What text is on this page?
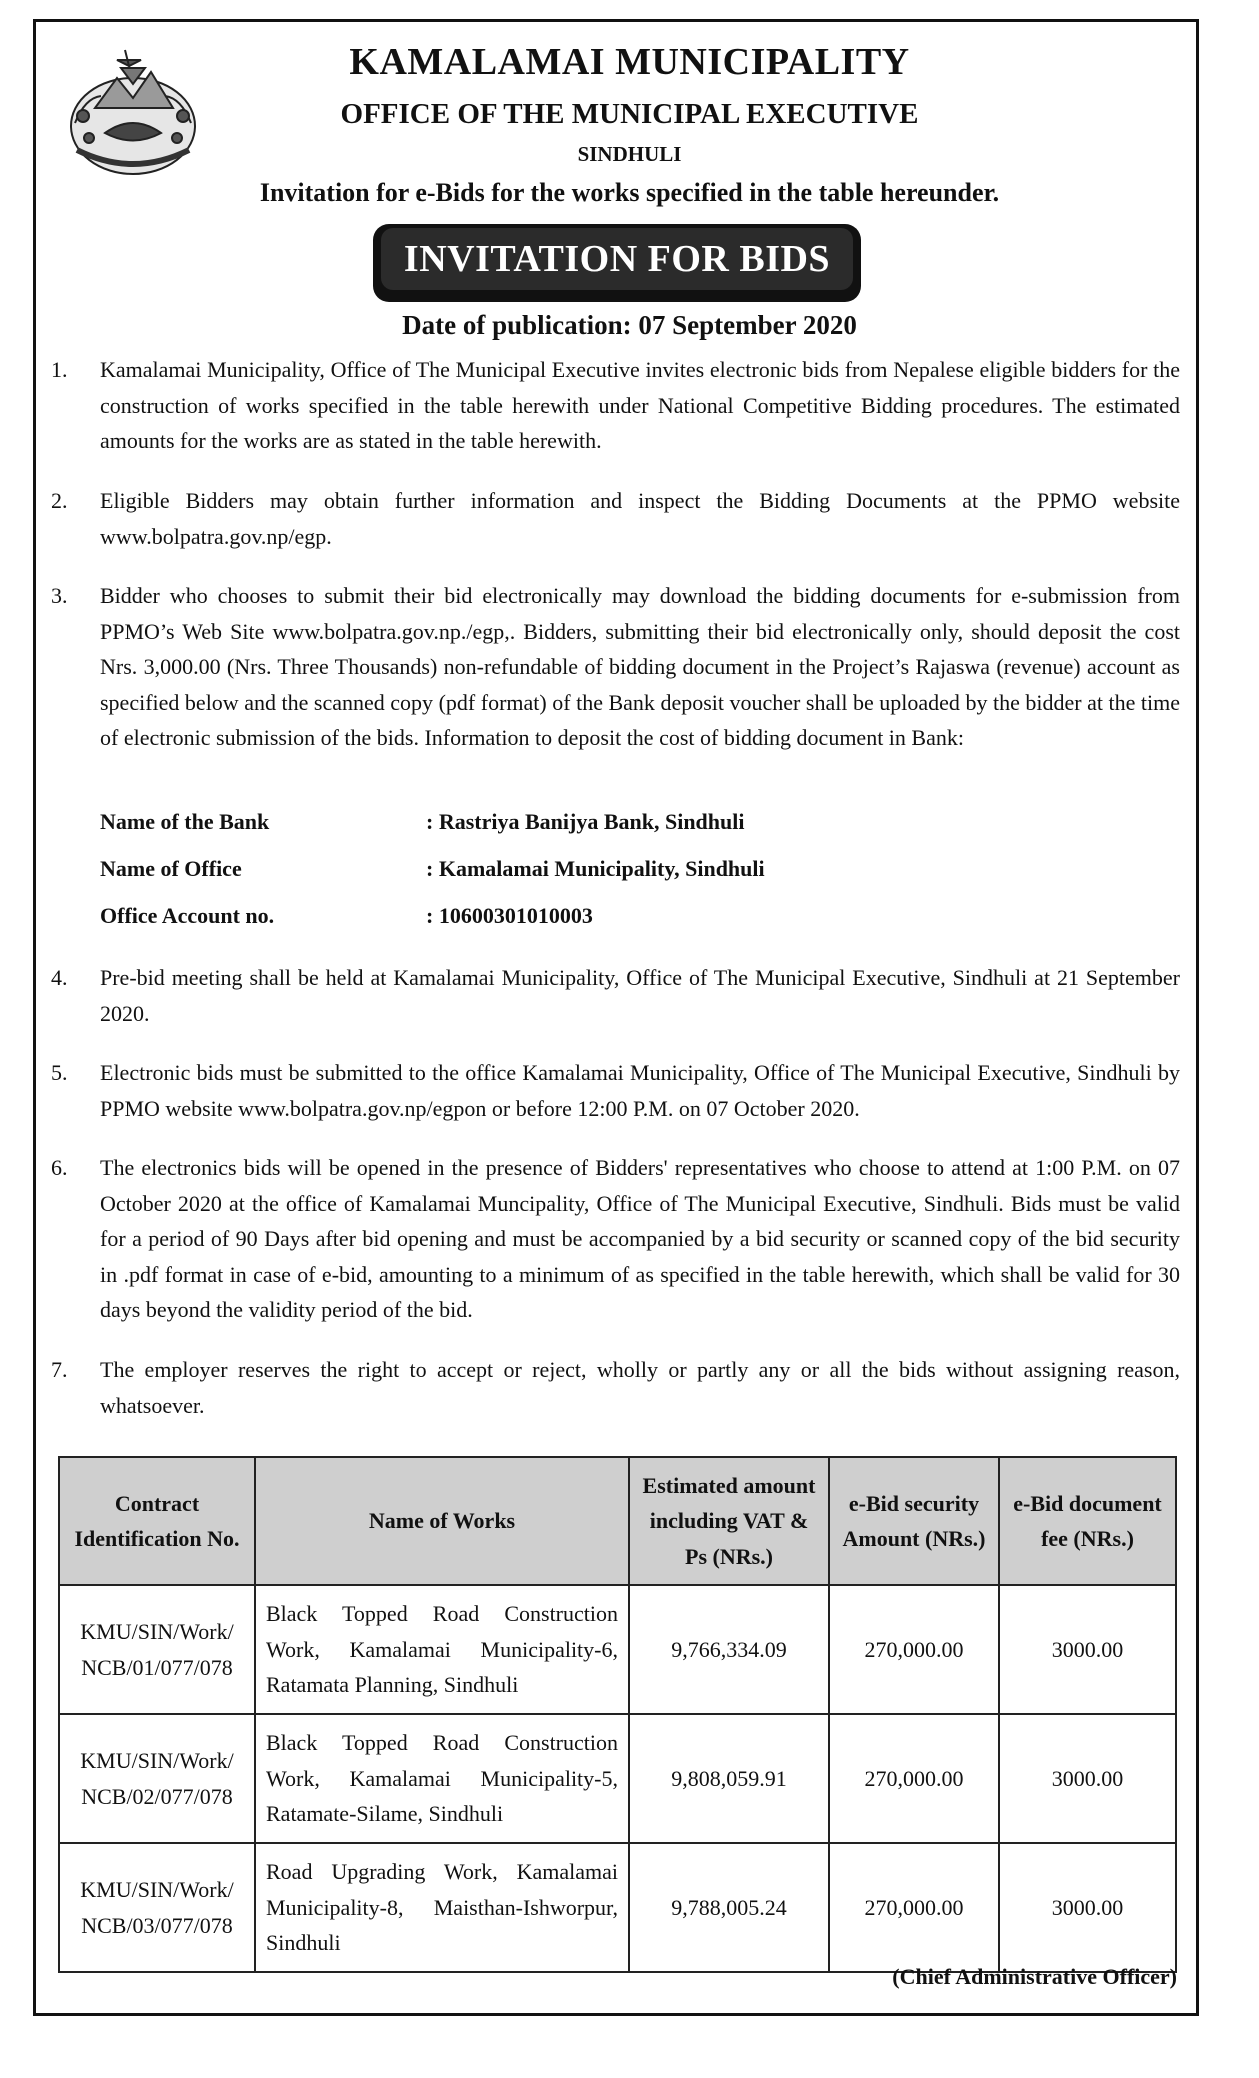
KAMALAMAI MUNICIPALITY
OFFICE OF THE MUNICIPAL EXECUTIVE
SINDHULI
Invitation for e-Bids for the works specified in the table hereunder.
INVITATION FOR BIDS
Date of publication: 07 September 2020
1.	Kamalamai Municipality, Office of The Municipal Executive invites electronic bids from Nepalese eligible bidders for the construction of works specified in the table herewith under National Competitive Bidding procedures. The estimated amounts for the works are as stated in the table herewith.
2.	Eligible Bidders may obtain further information and inspect the Bidding Documents at the PPMO website www.bolpatra.gov.np/egp.
3.	Bidder who chooses to submit their bid electronically may download the bidding documents for e-submission from PPMO’s Web Site www.bolpatra.gov.np./egp,. Bidders, submitting their bid electronically only, should deposit the cost Nrs. 3,000.00 (Nrs. Three Thousands) non-refundable of bidding document in the Project’s Rajaswa (revenue) account as specified below and the scanned copy (pdf format) of the Bank deposit voucher shall be uploaded by the bidder at the time of electronic submission of the bids. Information to deposit the cost of bidding document in Bank:
Name of the Bank	: Rastriya Banijya Bank, Sindhuli
Name of Office	: Kamalamai Municipality, Sindhuli
Office Account no.	: 10600301010003
4.	Pre-bid meeting shall be held at Kamalamai Municipality, Office of The Municipal Executive, Sindhuli at 21 September 2020.
5.	Electronic bids must be submitted to the office Kamalamai Municipality, Office of The Municipal Executive, Sindhuli by PPMO website www.bolpatra.gov.np/egpon or before 12:00 P.M. on 07 October 2020.
6.	The electronics bids will be opened in the presence of Bidders' representatives who choose to attend at 1:00 P.M. on 07 October 2020 at the office of Kamalamai Muncipality, Office of The Municipal Executive, Sindhuli. Bids must be valid for a period of 90 Days after bid opening and must be accompanied by a bid security or scanned copy of the bid security in .pdf format in case of e-bid, amounting to a minimum of as specified in the table herewith, which shall be valid for 30 days beyond the validity period of the bid.
7.	The employer reserves the right to accept or reject, wholly or partly any or all the bids without assigning reason, whatsoever.
Contract Identification No.	Name of Works	Estimated amount including VAT & Ps (NRs.)	e-Bid security Amount (NRs.)	e-Bid document fee (NRs.)
KMU/SIN/Work/ NCB/01/077/078	Black Topped Road Construction Work, Kamalamai Municipality-6, Ratamata Planning, Sindhuli	9,766,334.09	270,000.00	3000.00
KMU/SIN/Work/ NCB/02/077/078	Black Topped Road Construction Work, Kamalamai Municipality-5, Ratamate-Silame, Sindhuli	9,808,059.91	270,000.00	3000.00
KMU/SIN/Work/ NCB/03/077/078	Road Upgrading Work, Kamalamai Municipality-8, Maisthan-Ishworpur, Sindhuli	9,788,005.24	270,000.00	3000.00
(Chief Administrative Officer)
